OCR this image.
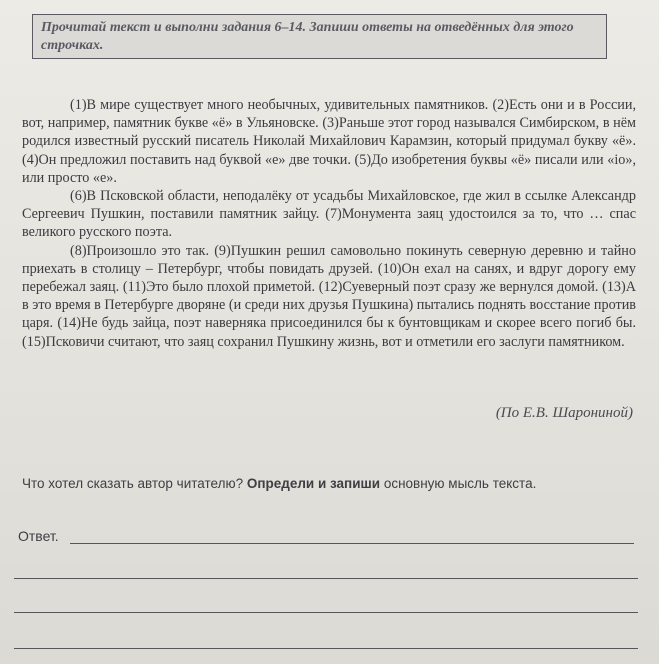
Прочитай текст и выполни задания 6–14. Запиши ответы на отведённых для этого строчках.

(1)В мире существует много необычных, удивительных памятников. (2)Есть они и в России, вот, например, памятник букве «ё» в Ульяновске. (3)Раньше этот город назывался Симбирском, в нём родился известный русский писатель Николай Михайлович Карамзин, который придумал букву «ё». (4)Он предложил поставить над буквой «е» две точки. (5)До изобретения буквы «ё» писали или «io», или просто «е».

(6)В Псковской области, неподалёку от усадьбы Михайловское, где жил в ссылке Александр Сергеевич Пушкин, поставили памятник зайцу. (7)Монумента заяц удостоился за то, что … спас великого русского поэта.

(8)Произошло это так. (9)Пушкин решил самовольно покинуть северную деревню и тайно приехать в столицу – Петербург, чтобы повидать друзей. (10)Он ехал на санях, и вдруг дорогу ему перебежал заяц. (11)Это было плохой приметой. (12)Суеверный поэт сразу же вернулся домой. (13)А в это время в Петербурге дворяне (и среди них друзья Пушкина) пытались поднять восстание против царя. (14)Не будь зайца, поэт наверняка присоединился бы к бунтовщикам и скорее всего погиб бы. (15)Псковичи считают, что заяц сохранил Пушкину жизнь, вот и отметили его заслуги памятником.

(По Е.В. Шарониной)
Что хотел сказать автор читателю? Определи и запиши основную мысль текста.
Ответ.
